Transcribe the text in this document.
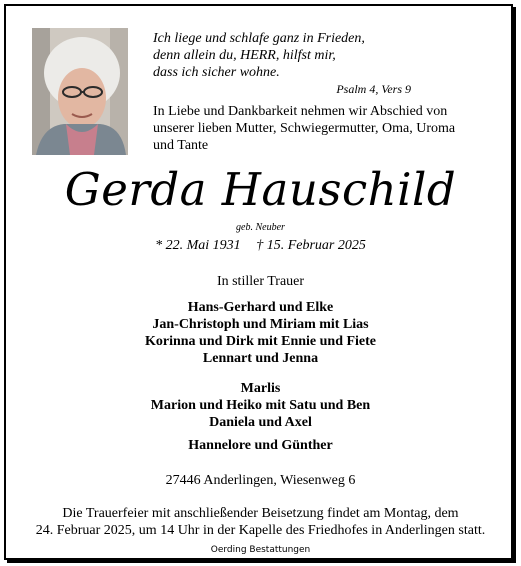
Ich liege und schlafe ganz in Frieden,
denn allein du, HERR, hilfst mir,
dass ich sicher wohne.
Psalm 4, Vers 9
In Liebe und Dankbarkeit nehmen wir Abschied von
unserer lieben Mutter, Schwiegermutter, Oma, Uroma
und Tante
Gerda Hauschild
geb. Neuber
* 22. Mai 1931 † 15. Februar 2025
In stiller Trauer
Hans-Gerhard und Elke
Jan-Christoph und Miriam mit Lias
Korinna und Dirk mit Ennie und Fiete
Lennart und Jenna
Marlis
Marion und Heiko mit Satu und Ben
Daniela und Axel
Hannelore und Günther
27446 Anderlingen, Wiesenweg 6
Die Trauerfeier mit anschließender Beisetzung findet am Montag, dem
24. Februar 2025, um 14 Uhr in der Kapelle des Friedhofes in Anderlingen statt.
Oerding Bestattungen
